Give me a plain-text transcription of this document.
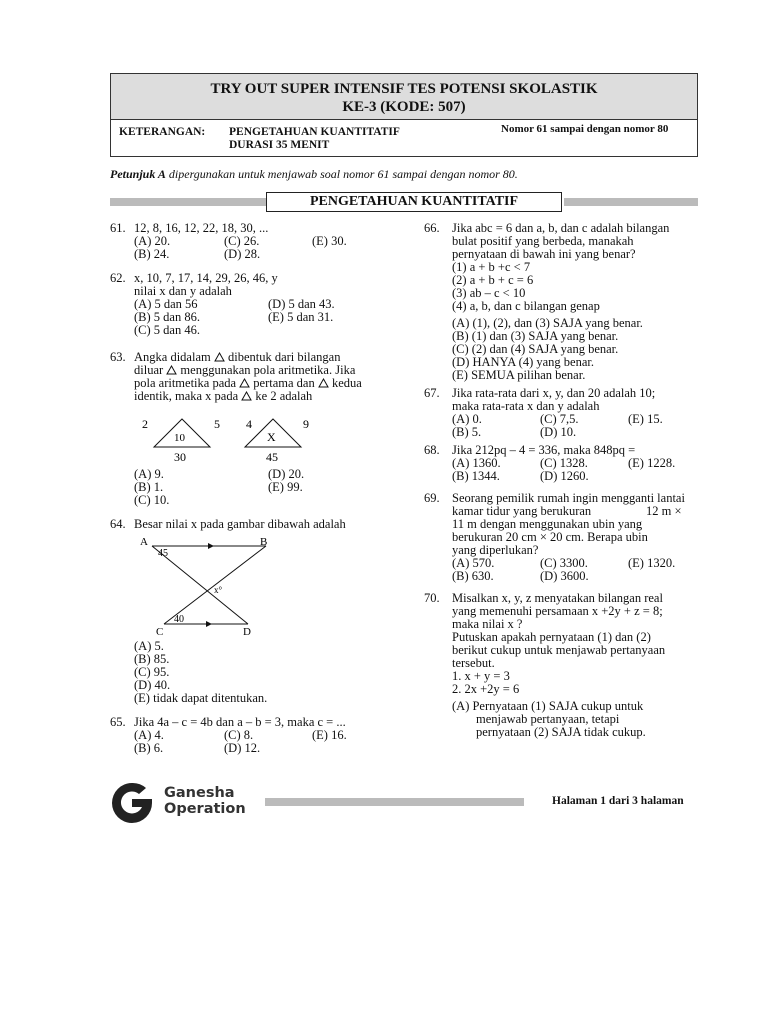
TRY OUT SUPER INTENSIF TES POTENSI SKOLASTIK
KE-3 (KODE: 507)
KETERANGAN: PENGETAHUAN KUANTITATIF
DURASI 35 MENIT
Nomor 61 sampai dengan nomor 80
Petunjuk A dipergunakan untuk menjawab soal nomor 61 sampai dengan nomor 80.
PENGETAHUAN KUANTITATIF
61. 12, 8, 16, 12, 22, 18, 30, ...
(A) 20.	(C) 26.	(E) 30.
(B) 24.	(D) 28.
62. x, 10, 7, 17, 14, 29, 26, 46, y
nilai x dan y adalah
(A) 5 dan 56	(D) 5 dan 43.
(B) 5 dan 86.	(E) 5 dan 31.
(C) 5 dan 46.
63. Angka didalam dibentuk dari bilangan
diluar menggunakan pola aritmetika. Jika
pola aritmetika pada pertama dan kedua
identik, maka x pada ke 2 adalah
2	5
10
30
4	9
X
45
(A) 9.	(D) 20.
(B) 1.	(E) 99.
(C) 10.
64. Besar nilai x pada gambar dibawah adalah
A	B
C	D
45
40
x°
(A) 5.
(B) 85.
(C) 95.
(D) 40.
(E) tidak dapat ditentukan.
65. Jika 4a – c = 4b dan a – b = 3, maka c = ...
(A) 4.	(C) 8.	(E) 16.
(B) 6.	(D) 12.
66. Jika abc = 6 dan a, b, dan c adalah bilangan
bulat positif yang berbeda, manakah
pernyataan di bawah ini yang benar?
(1) a + b +c < 7
(2) a + b + c = 6
(3) ab – c < 10
(4) a, b, dan c bilangan genap
(A) (1), (2), dan (3) SAJA yang benar.
(B) (1) dan (3) SAJA yang benar.
(C) (2) dan (4) SAJA yang benar.
(D) HANYA (4) yang benar.
(E) SEMUA pilihan benar.
67. Jika rata-rata dari x, y, dan 20 adalah 10;
maka rata-rata x dan y adalah
(A) 0.	(C) 7,5.	(E) 15.
(B) 5.	(D) 10.
68. Jika 212pq – 4 = 336, maka 848pq =
(A) 1360.	(C) 1328.	(E) 1228.
(B) 1344.	(D) 1260.
69. Seorang pemilik rumah ingin mengganti lantai
kamar tidur yang berukuran	12 m ×
11 m dengan menggunakan ubin yang
berukuran 20 cm × 20 cm. Berapa ubin
yang diperlukan?
(A) 570.	(C) 3300.	(E) 1320.
(B) 630.	(D) 3600.
70. Misalkan x, y, z menyatakan bilangan real
yang memenuhi persamaan x +2y + z = 8;
maka nilai x ?
Putuskan apakah pernyataan (1) dan (2)
berikut cukup untuk menjawab pertanyaan
tersebut.
1. x + y = 3
2. 2x +2y = 6
(A) Pernyataan (1) SAJA cukup untuk
menjawab pertanyaan, tetapi
pernyataan (2) SAJA tidak cukup.
Ganesha
Operation	Halaman 1 dari 3 halaman
